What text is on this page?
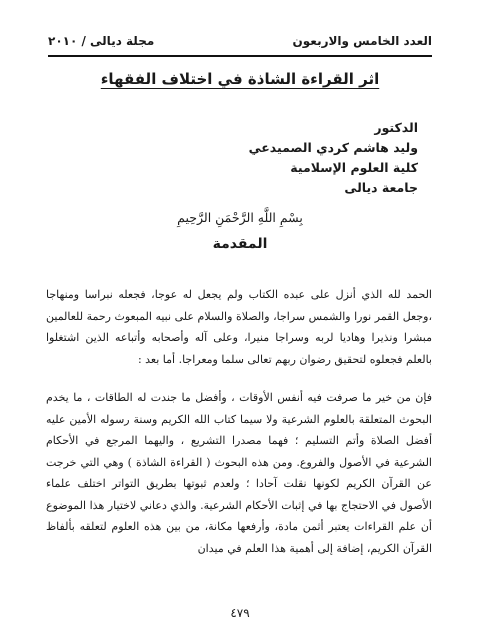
العدد الخامس والاربعون
مجلة ديالى / ٢٠١٠
اثر القراءة الشاذة في اختلاف الفقهاء
الدكتور
وليد هاشم كردي الصميدعي
كلية العلوم الإسلامية
جامعة ديالى
بِسْمِ اللَّهِ الرَّحْمَنِ الرَّحِيمِ
المقدمة
الحمد لله الذي أنزل على عبده الكتاب ولم يجعل له عوجا، فجعله نبراسا ومنهاجا ،وجعل القمر نورا والشمس سراجا، والصلاة والسلام على نبيه المبعوث رحمة للعالمين مبشرا ونذيرا وهاديا لربه وسراجا منيرا، وعلى آله وأصحابه وأتباعه الذين اشتغلوا بالعلم فجعلوه لتحقيق رضوان ربهم تعالى سلما ومعراجا. أما بعد :
فإن من خير ما صرفت فيه أنفس الأوقات ، وأفضل ما جندت له الطاقات ، ما يخدم البحوث المتعلقة بالعلوم الشرعية ولا سيما كتاب الله الكريم وسنة رسوله الأمين عليه أفضل الصلاة وأتم التسليم ؛ فهما مصدرا التشريع ، واليهما المرجع في الأحكام الشرعية في الأصول والفروع. ومن هذه البحوث ( القراءة الشاذة ) وهي التي خرجت عن القرآن الكريم لكونها نقلت آحادا ؛ ولعدم ثبوتها بطريق التواتر اختلف علماء الأصول في الاحتجاج بها في إثبات الأحكام الشرعية. والذي دعاني لاختيار هذا الموضوع أن علم القراءات يعتبر أثمن مادة، وأرفعها مكانة، من بين هذه العلوم لتعلقه بألفاظ القرآن الكريم، إضافة إلى أهمية هذا العلم في ميدان
٤٧٩
